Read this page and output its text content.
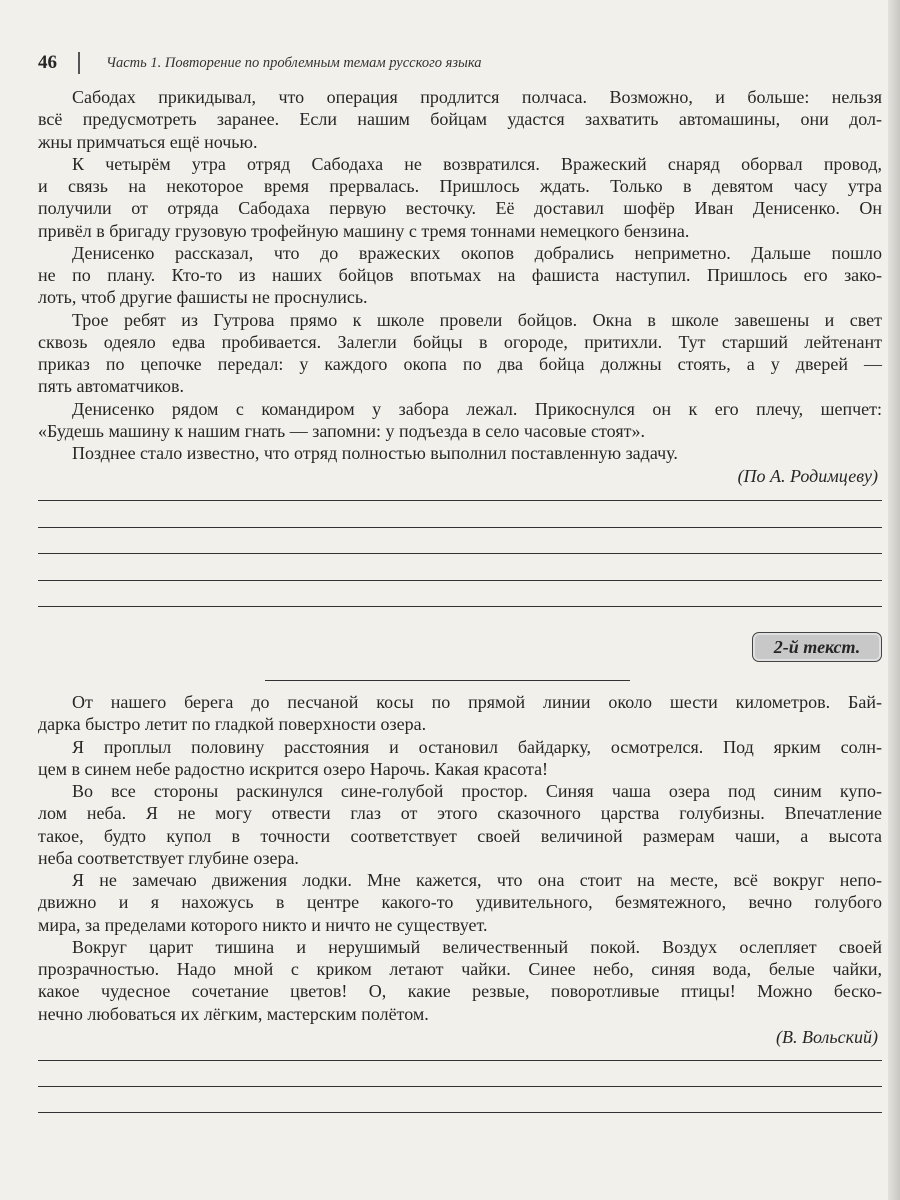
46	Часть 1. Повторение по проблемным темам русского языка
Сабодах прикидывал, что операция продлится полчаса. Возможно, и больше: нельзя
всё предусмотреть заранее. Если нашим бойцам удастся захватить автомашины, они дол-
жны примчаться ещё ночью.
К четырём утра отряд Сабодаха не возвратился. Вражеский снаряд оборвал провод,
и связь на некоторое время прервалась. Пришлось ждать. Только в девятом часу утра
получили от отряда Сабодаха первую весточку. Её доставил шофёр Иван Денисенко. Он
привёл в бригаду грузовую трофейную машину с тремя тоннами немецкого бензина.
Денисенко рассказал, что до вражеских окопов добрались неприметно. Дальше пошло
не по плану. Кто-то из наших бойцов впотьмах на фашиста наступил. Пришлось его зако-
лоть, чтоб другие фашисты не проснулись.
Трое ребят из Гутрова прямо к школе провели бойцов. Окна в школе завешены и свет
сквозь одеяло едва пробивается. Залегли бойцы в огороде, притихли. Тут старший лейтенант
приказ по цепочке передал: у каждого окопа по два бойца должны стоять, а у дверей —
пять автоматчиков.
Денисенко рядом с командиром у забора лежал. Прикоснулся он к его плечу, шепчет:
«Будешь машину к нашим гнать — запомни: у подъезда в село часовые стоят».
Позднее стало известно, что отряд полностью выполнил поставленную задачу.
(По А. Родимцеву)
2-й текст.
От нашего берега до песчаной косы по прямой линии около шести километров. Бай-
дарка быстро летит по гладкой поверхности озера.
Я проплыл половину расстояния и остановил байдарку, осмотрелся. Под ярким солн-
цем в синем небе радостно искрится озеро Нарочь. Какая красота!
Во все стороны раскинулся сине-голубой простор. Синяя чаша озера под синим купо-
лом неба. Я не могу отвести глаз от этого сказочного царства голубизны. Впечатление
такое, будто купол в точности соответствует своей величиной размерам чаши, а высота
неба соответствует глубине озера.
Я не замечаю движения лодки. Мне кажется, что она стоит на месте, всё вокруг непо-
движно и я нахожусь в центре какого-то удивительного, безмятежного, вечно голубого
мира, за пределами которого никто и ничто не существует.
Вокруг царит тишина и нерушимый величественный покой. Воздух ослепляет своей
прозрачностью. Надо мной с криком летают чайки. Синее небо, синяя вода, белые чайки,
какое чудесное сочетание цветов! О, какие резвые, поворотливые птицы! Можно беско-
нечно любоваться их лёгким, мастерским полётом.
(В. Вольский)
